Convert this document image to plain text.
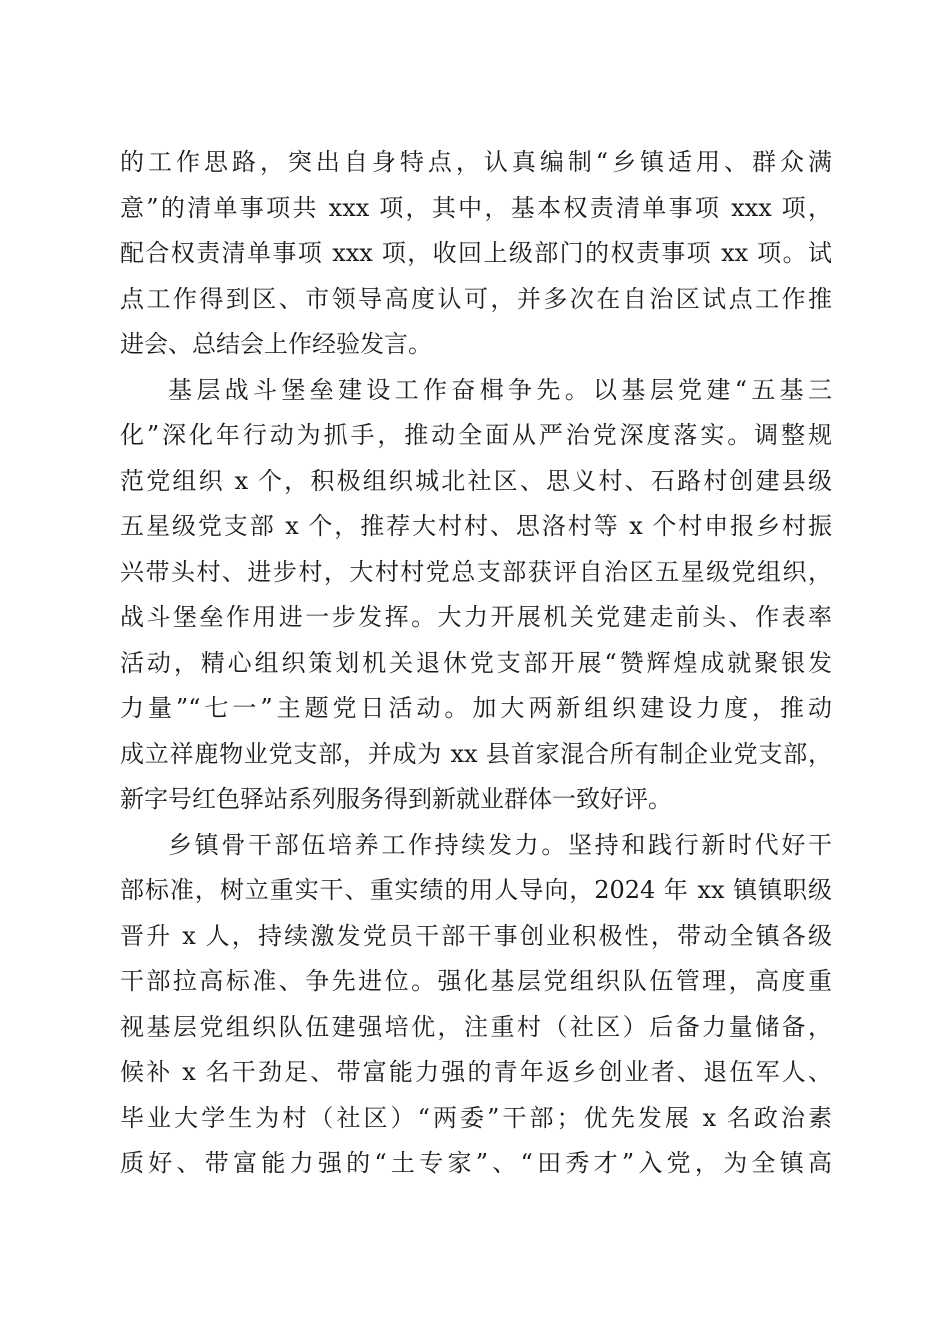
的工作思路，突出自身特点，认真编制“乡镇适用、群众满
意”的清单事项共 xxx 项，其中，基本权责清单事项 xxx 项，
配合权责清单事项 xxx 项，收回上级部门的权责事项 xx 项。试
点工作得到区、市领导高度认可，并多次在自治区试点工作推
进会、总结会上作经验发言。
基层战斗堡垒建设工作奋楫争先。以基层党建“五基三
化”深化年行动为抓手，推动全面从严治党深度落实。调整规
范党组织 x 个，积极组织城北社区、思义村、石路村创建县级
五星级党支部 x 个，推荐大村村、思洛村等 x 个村申报乡村振
兴带头村、进步村，大村村党总支部获评自治区五星级党组织，
战斗堡垒作用进一步发挥。大力开展机关党建走前头、作表率
活动，精心组织策划机关退休党支部开展“赞辉煌成就聚银发
力量”“七一”主题党日活动。加大两新组织建设力度，推动
成立祥鹿物业党支部，并成为 xx 县首家混合所有制企业党支部，
新字号红色驿站系列服务得到新就业群体一致好评。
乡镇骨干部伍培养工作持续发力。坚持和践行新时代好干
部标准，树立重实干、重实绩的用人导向，2024 年 xx 镇镇职级
晋升 x 人，持续激发党员干部干事创业积极性，带动全镇各级
干部拉高标准、争先进位。强化基层党组织队伍管理，高度重
视基层党组织队伍建强培优，注重村（社区）后备力量储备，
候补 x 名干劲足、带富能力强的青年返乡创业者、退伍军人、
毕业大学生为村（社区）“两委”干部；优先发展 x 名政治素
质好、带富能力强的“土专家”、“田秀才”入党，为全镇高
